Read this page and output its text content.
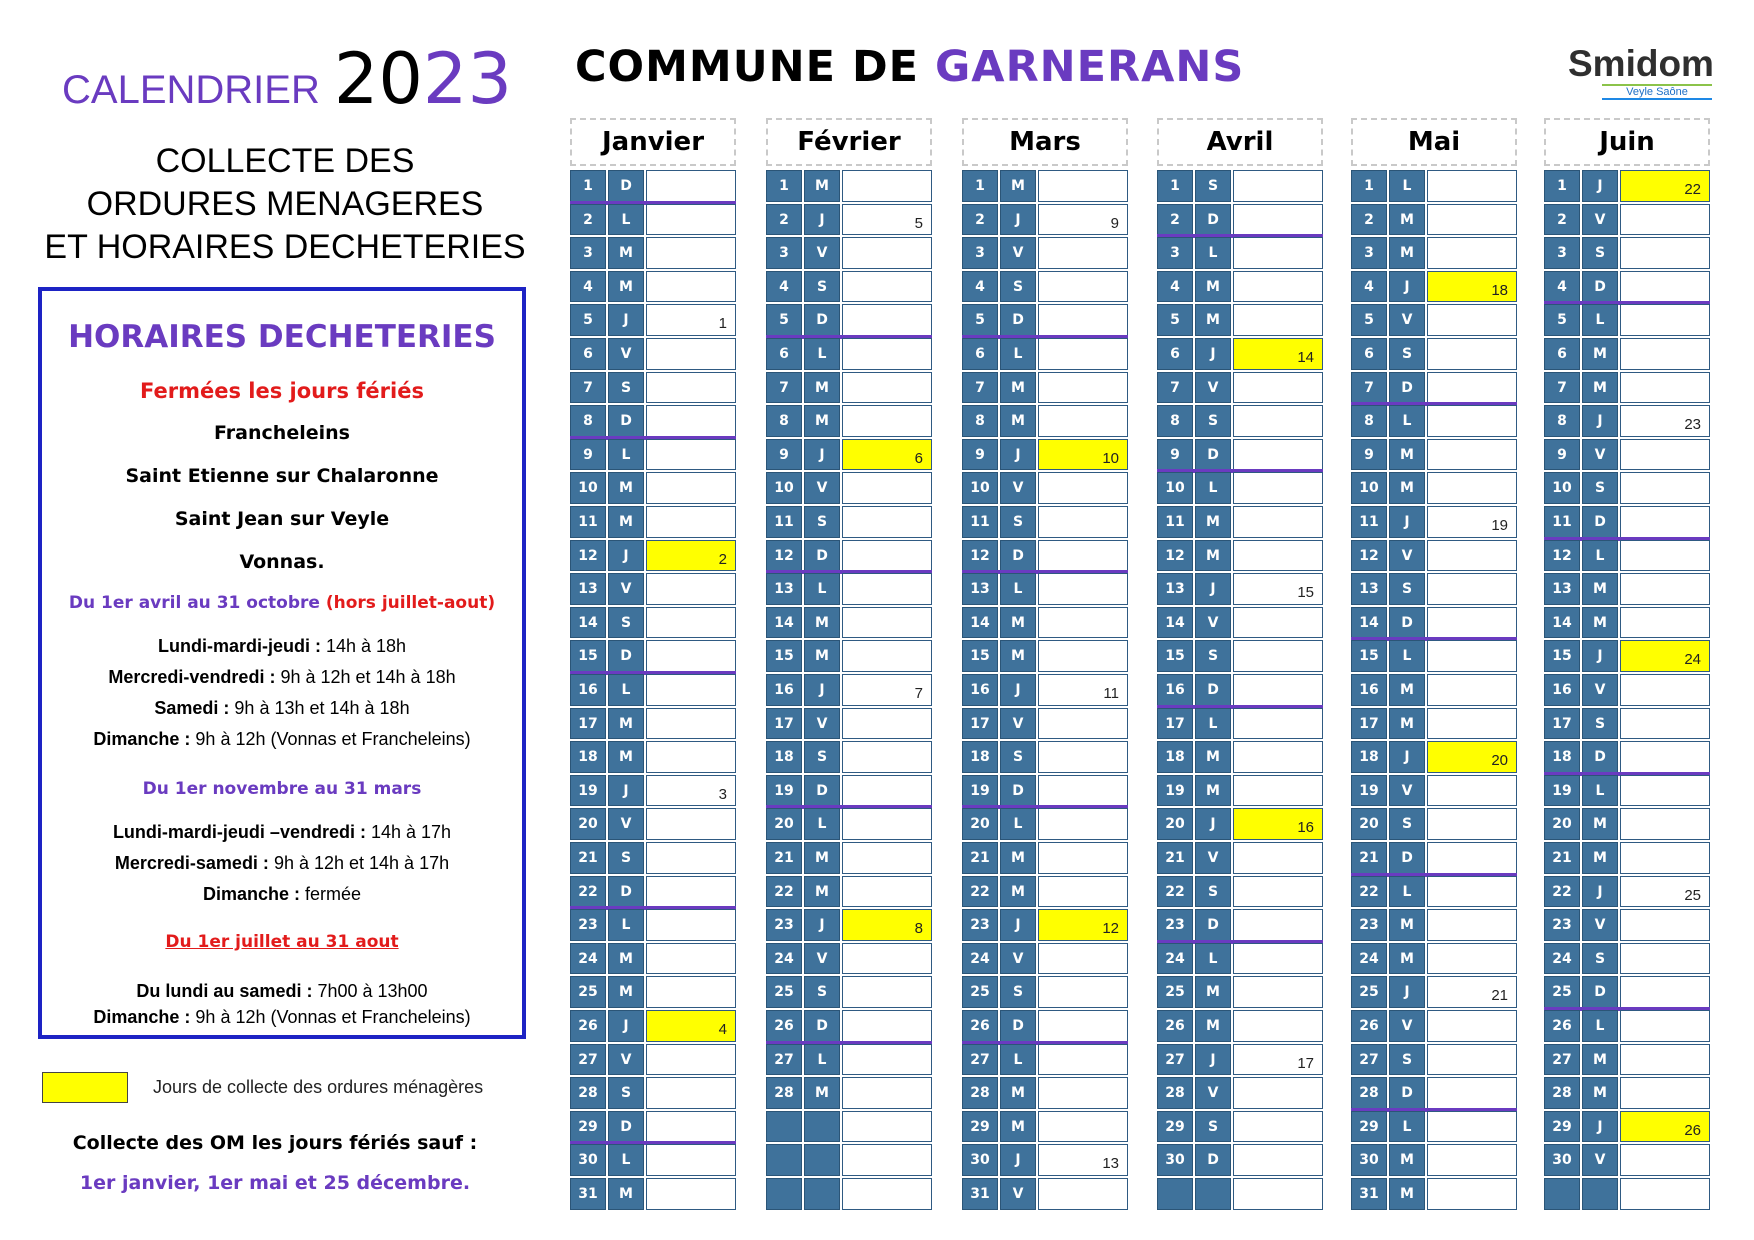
CALENDRIER 2023 COMMUNE DE GARNERANS	Smidom
Veyle Saône
COLLECTE DES
ORDURES MENAGERES
ET HORAIRES DECHETERIES
HORAIRES DECHETERIES
Fermées les jours fériés
Francheleins
Saint Etienne sur Chalaronne
Saint Jean sur Veyle
Vonnas.
Du 1er avril au 31 octobre (hors juillet-aout)
Lundi-mardi-jeudi : 14h à 18h
Mercredi-vendredi : 9h à 12h et 14h à 18h
Samedi : 9h à 13h et 14h à 18h
Dimanche : 9h à 12h (Vonnas et Francheleins)
Du 1er novembre au 31 mars
Lundi-mardi-jeudi –vendredi : 14h à 17h
Mercredi-samedi : 9h à 12h et 14h à 17h
Dimanche : fermée
Du 1er juillet au 31 aout
Du lundi au samedi : 7h00 à 13h00
Dimanche : 9h à 12h (Vonnas et Francheleins)
Jours de collecte des ordures ménagères
Collecte des OM les jours fériés sauf :
1er janvier, 1er mai et 25 décembre.
Janvier
1	D
2	L
3	M
4	M
5	J	1
6	V
7	S
8	D
9	L
10	M
11	M
12	J	2
13	V
14	S
15	D
16	L
17	M
18	M
19	J	3
20	V
21	S
22	D
23	L
24	M
25	M
26	J	4
27	V
28	S
29	D
30	L
31	M
Février
1	M
2	J	5
3	V
4	S
5	D
6	L
7	M
8	M
9	J	6
10	V
11	S
12	D
13	L
14	M
15	M
16	J	7
17	V
18	S
19	D
20	L
21	M
22	M
23	J	8
24	V
25	S
26	D
27	L
28	M
Mars
1	M
2	J	9
3	V
4	S
5	D
6	L
7	M
8	M
9	J	10
10	V
11	S
12	D
13	L
14	M
15	M
16	J	11
17	V
18	S
19	D
20	L
21	M
22	M
23	J	12
24	V
25	S
26	D
27	L
28	M
29	M
30	J	13
31	V
Avril
1	S
2	D
3	L
4	M
5	M
6	J	14
7	V
8	S
9	D
10	L
11	M
12	M
13	J	15
14	V
15	S
16	D
17	L
18	M
19	M
20	J	16
21	V
22	S
23	D
24	L
25	M
26	M
27	J	17
28	V
29	S
30	D
Mai
1	L
2	M
3	M
4	J	18
5	V
6	S
7	D
8	L
9	M
10	M
11	J	19
12	V
13	S
14	D
15	L
16	M
17	M
18	J	20
19	V
20	S
21	D
22	L
23	M
24	M
25	J	21
26	V
27	S
28	D
29	L
30	M
31	M
Juin
1	J	22
2	V
3	S
4	D
5	L
6	M
7	M
8	J	23
9	V
10	S
11	D
12	L
13	M
14	M
15	J	24
16	V
17	S
18	D
19	L
20	M
21	M
22	J	25
23	V
24	S
25	D
26	L
27	M
28	M
29	J	26
30	V
